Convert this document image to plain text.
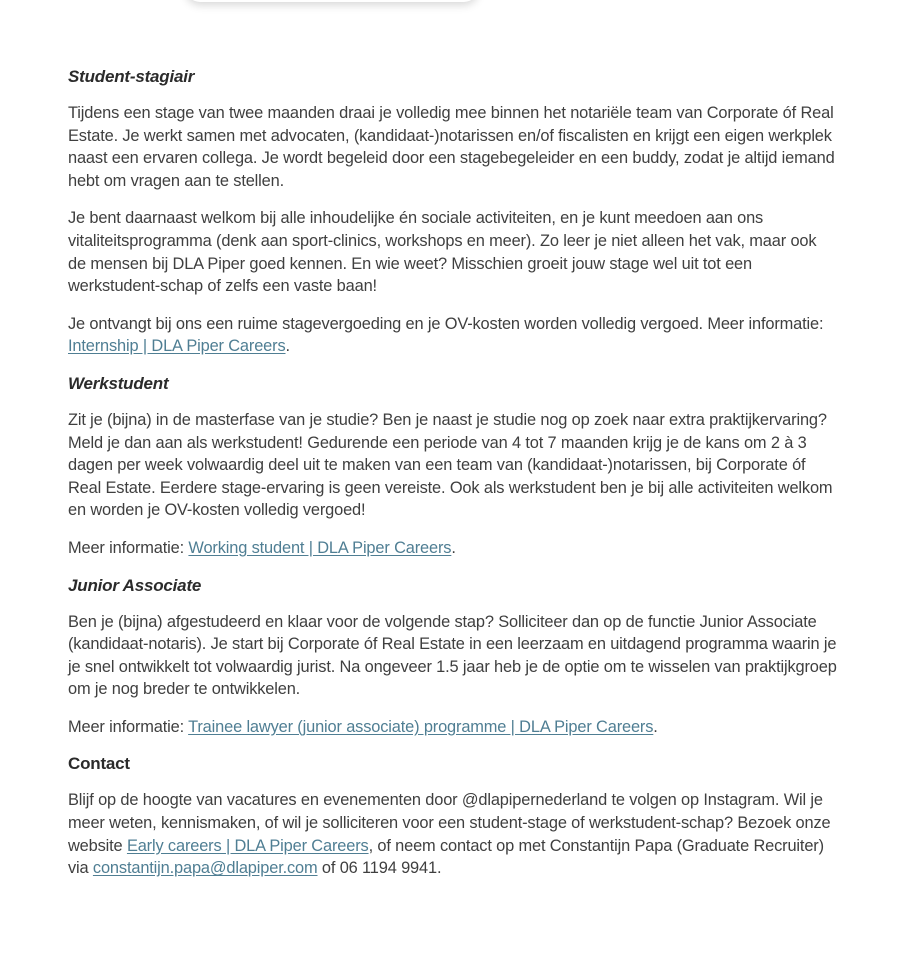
Student-stagiair

Tijdens een stage van twee maanden draai je volledig mee binnen het notariële team van Corporate óf Real Estate. Je werkt samen met advocaten, (kandidaat-)notarissen en/of fiscalisten en krijgt een eigen werkplek naast een ervaren collega. Je wordt begeleid door een stagebegeleider en een buddy, zodat je altijd iemand hebt om vragen aan te stellen.

Je bent daarnaast welkom bij alle inhoudelijke én sociale activiteiten, en je kunt meedoen aan ons vitaliteitsprogramma (denk aan sport-clinics, workshops en meer). Zo leer je niet alleen het vak, maar ook de mensen bij DLA Piper goed kennen. En wie weet? Misschien groeit jouw stage wel uit tot een werkstudent-schap of zelfs een vaste baan!

Je ontvangt bij ons een ruime stagevergoeding en je OV-kosten worden volledig vergoed. Meer informatie: Internship | DLA Piper Careers.

Werkstudent

Zit je (bijna) in de masterfase van je studie? Ben je naast je studie nog op zoek naar extra praktijkervaring? Meld je dan aan als werkstudent! Gedurende een periode van 4 tot 7 maanden krijg je de kans om 2 à 3 dagen per week volwaardig deel uit te maken van een team van (kandidaat-)notarissen, bij Corporate óf Real Estate. Eerdere stage-ervaring is geen vereiste. Ook als werkstudent ben je bij alle activiteiten welkom en worden je OV-kosten volledig vergoed!

Meer informatie: Working student | DLA Piper Careers.

Junior Associate

Ben je (bijna) afgestudeerd en klaar voor de volgende stap? Solliciteer dan op de functie Junior Associate (kandidaat-notaris). Je start bij Corporate óf Real Estate in een leerzaam en uitdagend programma waarin je je snel ontwikkelt tot volwaardig jurist. Na ongeveer 1.5 jaar heb je de optie om te wisselen van praktijkgroep om je nog breder te ontwikkelen.

Meer informatie: Trainee lawyer (junior associate) programme | DLA Piper Careers.

Contact

Blijf op de hoogte van vacatures en evenementen door @dlapipernederland te volgen op Instagram. Wil je meer weten, kennismaken, of wil je solliciteren voor een student-stage of werkstudent-schap? Bezoek onze website Early careers | DLA Piper Careers, of neem contact op met Constantijn Papa (Graduate Recruiter) via constantijn.papa@dlapiper.com of 06 1194 9941.
